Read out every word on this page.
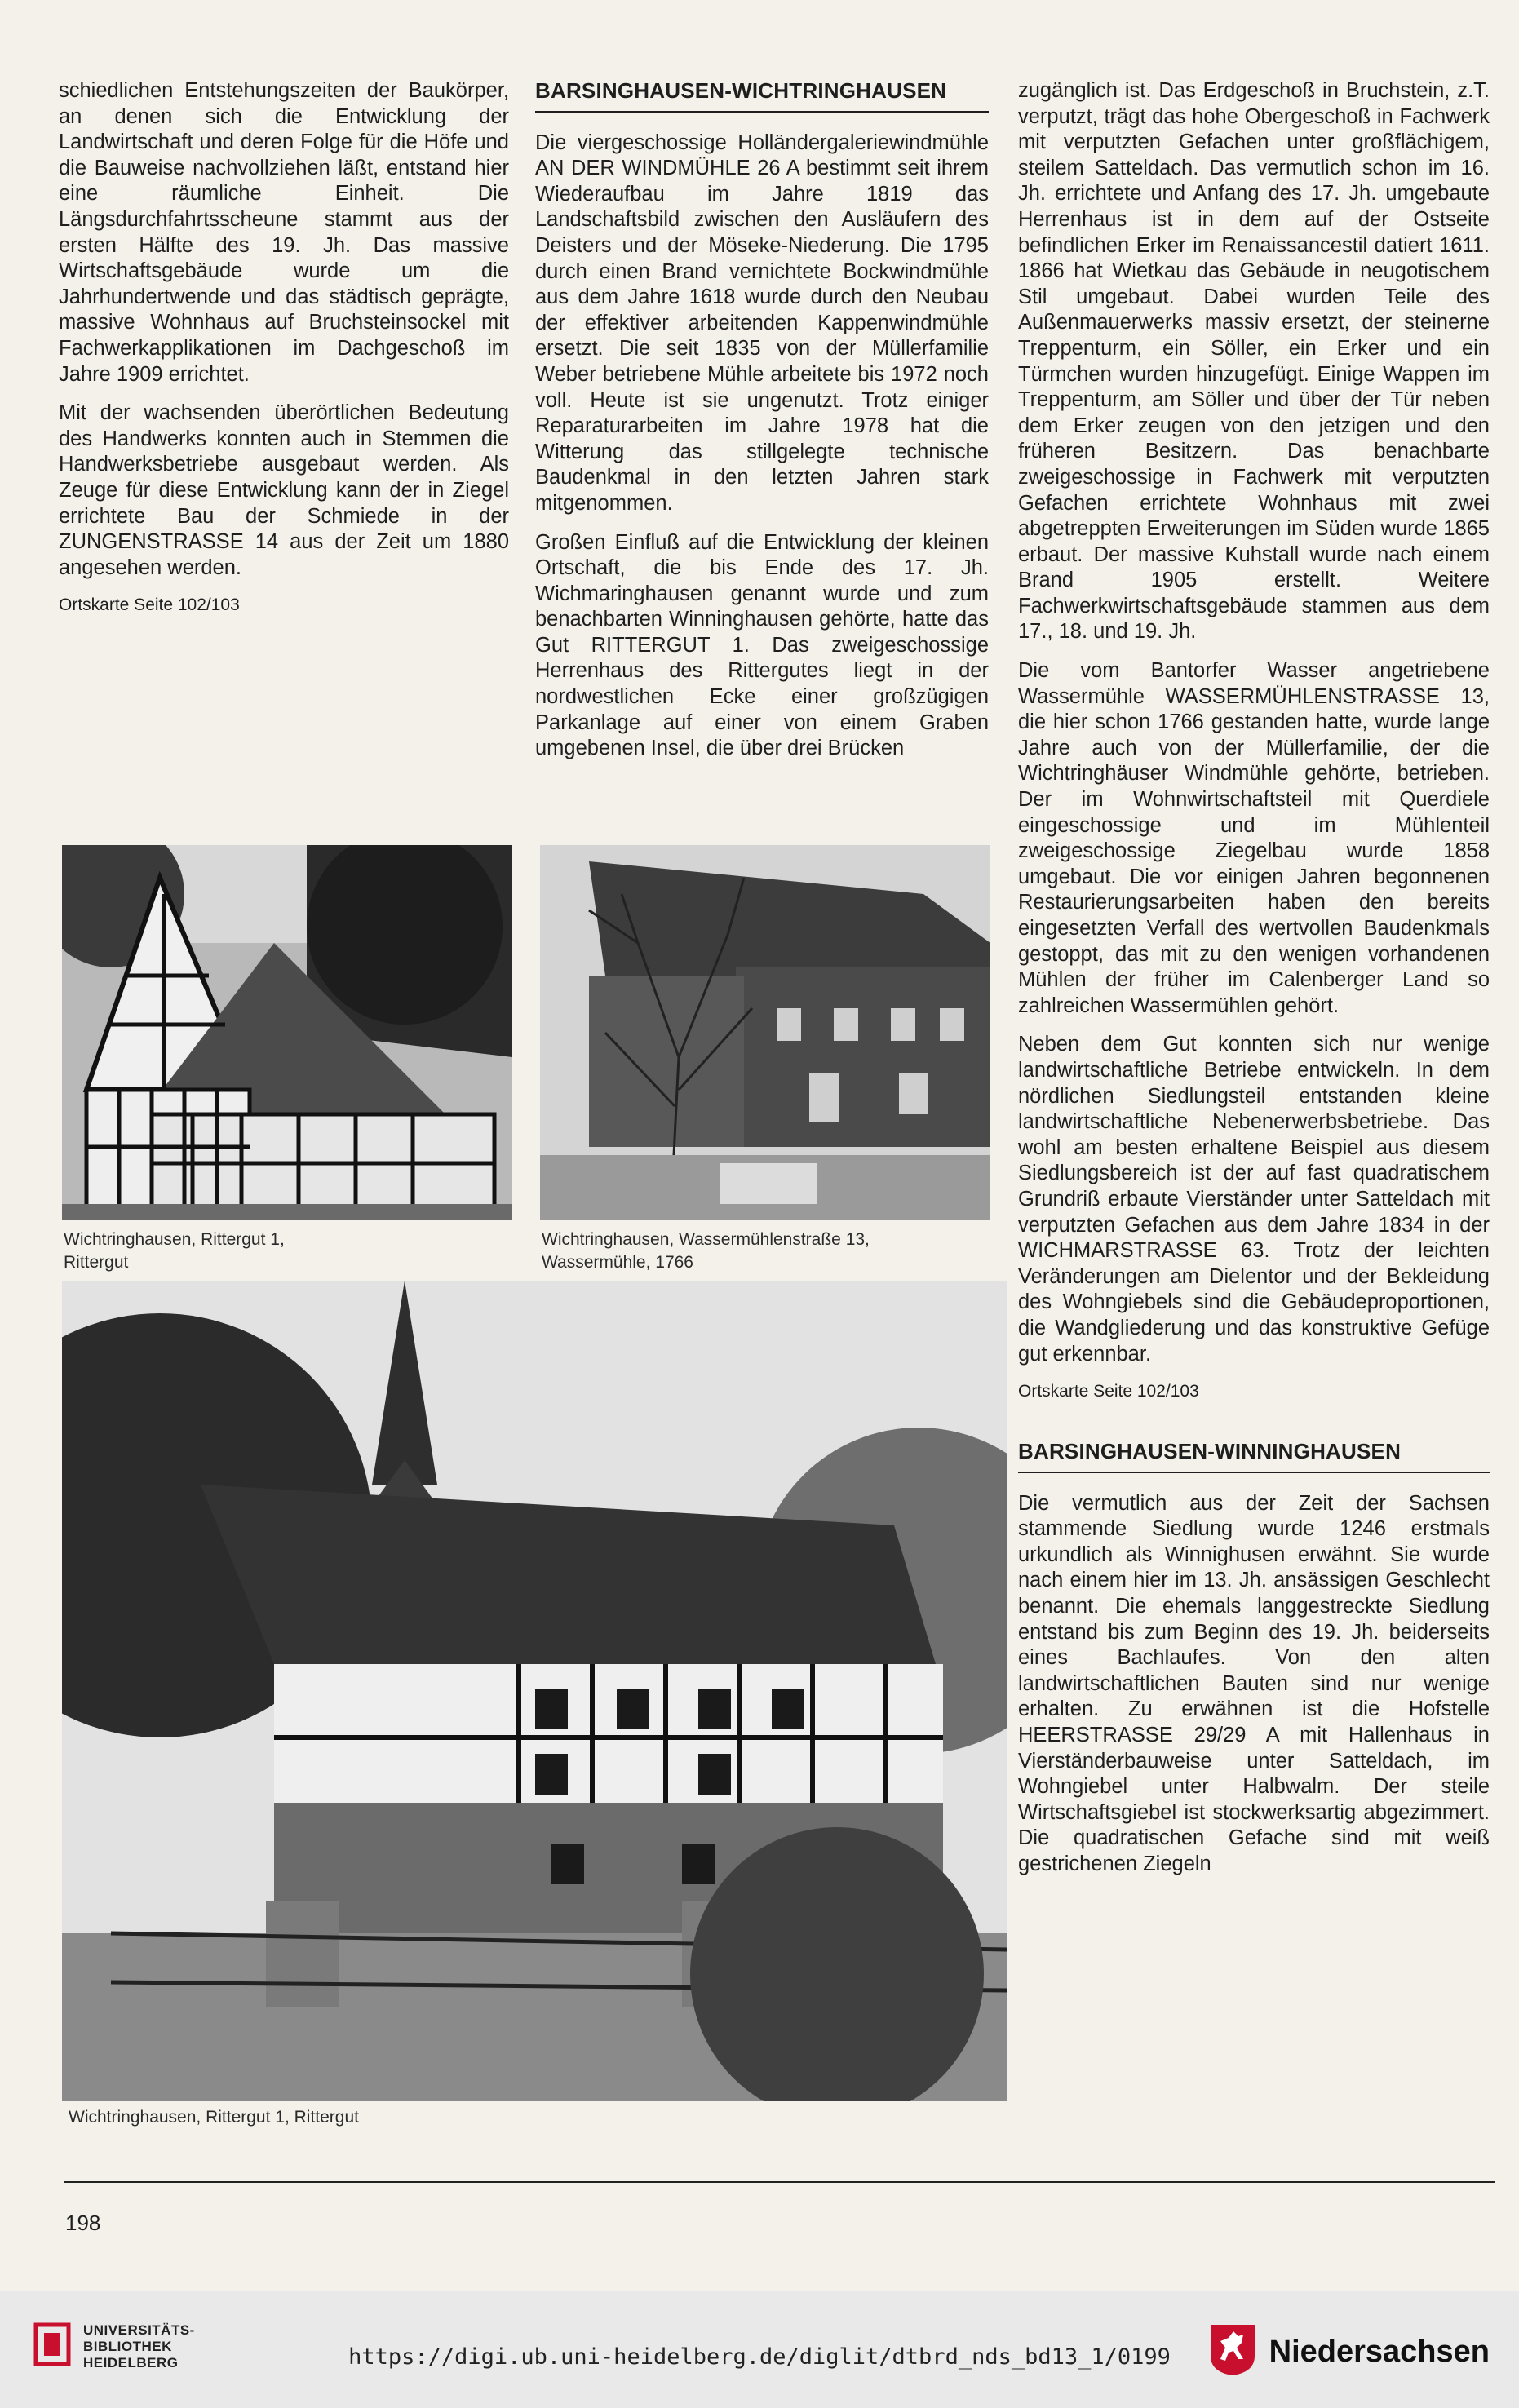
schiedlichen Entstehungszeiten der Baukörper, an denen sich die Entwicklung der Landwirtschaft und deren Folge für die Höfe und die Bauweise nachvollziehen läßt, entstand hier eine räumliche Einheit. Die Längsdurchfahrtsscheune stammt aus der ersten Hälfte des 19. Jh. Das massive Wirtschaftsgebäude wurde um die Jahrhundertwende und das städtisch geprägte, massive Wohnhaus auf Bruchsteinsockel mit Fachwerkapplikationen im Dachgeschoß im Jahre 1909 errichtet.

Mit der wachsenden überörtlichen Bedeutung des Handwerks konnten auch in Stemmen die Handwerksbetriebe ausgebaut werden. Als Zeuge für diese Entwicklung kann der in Ziegel errichtete Bau der Schmiede in der ZUNGENSTRASSE 14 aus der Zeit um 1880 angesehen werden.

Ortskarte Seite 102/103

BARSINGHAUSEN-WICHTRINGHAUSEN

Die viergeschossige Holländergaleriewindmühle AN DER WINDMÜHLE 26 A bestimmt seit ihrem Wiederaufbau im Jahre 1819 das Landschaftsbild zwischen den Ausläufern des Deisters und der Möseke-Niederung. Die 1795 durch einen Brand vernichtete Bockwindmühle aus dem Jahre 1618 wurde durch den Neubau der effektiver arbeitenden Kappenwindmühle ersetzt. Die seit 1835 von der Müllerfamilie Weber betriebene Mühle arbeitete bis 1972 noch voll. Heute ist sie ungenutzt. Trotz einiger Reparaturarbeiten im Jahre 1978 hat die Witterung das stillgelegte technische Baudenkmal in den letzten Jahren stark mitgenommen.

Großen Einfluß auf die Entwicklung der kleinen Ortschaft, die bis Ende des 17. Jh. Wichmaringhausen genannt wurde und zum benachbarten Winninghausen gehörte, hatte das Gut RITTERGUT 1. Das zweigeschossige Herrenhaus des Rittergutes liegt in der nordwestlichen Ecke einer großzügigen Parkanlage auf einer von einem Graben umgebenen Insel, die über drei Brücken

zugänglich ist. Das Erdgeschoß in Bruchstein, z.T. verputzt, trägt das hohe Obergeschoß in Fachwerk mit verputzten Gefachen unter großflächigem, steilem Satteldach. Das vermutlich schon im 16. Jh. errichtete und Anfang des 17. Jh. umgebaute Herrenhaus ist in dem auf der Ostseite befindlichen Erker im Renaissancestil datiert 1611. 1866 hat Wietkau das Gebäude in neugotischem Stil umgebaut. Dabei wurden Teile des Außenmauerwerks massiv ersetzt, der steinerne Treppenturm, ein Söller, ein Erker und ein Türmchen wurden hinzugefügt. Einige Wappen im Treppenturm, am Söller und über der Tür neben dem Erker zeugen von den jetzigen und den früheren Besitzern. Das benachbarte zweigeschossige in Fachwerk mit verputzten Gefachen errichtete Wohnhaus mit zwei abgetreppten Erweiterungen im Süden wurde 1865 erbaut. Der massive Kuhstall wurde nach einem Brand 1905 erstellt. Weitere Fachwerkwirtschaftsgebäude stammen aus dem 17., 18. und 19. Jh.

Die vom Bantorfer Wasser angetriebene Wassermühle WASSERMÜHLENSTRASSE 13, die hier schon 1766 gestanden hatte, wurde lange Jahre auch von der Müllerfamilie, der die Wichtringhäuser Windmühle gehörte, betrieben. Der im Wohnwirtschaftsteil mit Querdiele eingeschossige und im Mühlenteil zweigeschossige Ziegelbau wurde 1858 umgebaut. Die vor einigen Jahren begonnenen Restaurierungsarbeiten haben den bereits eingesetzten Verfall des wertvollen Baudenkmals gestoppt, das mit zu den wenigen vorhandenen Mühlen der früher im Calenberger Land so zahlreichen Wassermühlen gehört.

Neben dem Gut konnten sich nur wenige landwirtschaftliche Betriebe entwickeln. In dem nördlichen Siedlungsteil entstanden kleine landwirtschaftliche Nebenerwerbsbetriebe. Das wohl am besten erhaltene Beispiel aus diesem Siedlungsbereich ist der auf fast quadratischem Grundriß erbaute Vierständer unter Satteldach mit verputzten Gefachen aus dem Jahre 1834 in der WICHMARSTRASSE 63. Trotz der leichten Veränderungen am Dielentor und der Bekleidung des Wohngiebels sind die Gebäudeproportionen, die Wandgliederung und das konstruktive Gefüge gut erkennbar.

Ortskarte Seite 102/103

BARSINGHAUSEN-WINNINGHAUSEN

Die vermutlich aus der Zeit der Sachsen stammende Siedlung wurde 1246 erstmals urkundlich als Winnighusen erwähnt. Sie wurde nach einem hier im 13. Jh. ansässigen Geschlecht benannt. Die ehemals langgestreckte Siedlung entstand bis zum Beginn des 19. Jh. beiderseits eines Bachlaufes. Von den alten landwirtschaftlichen Bauten sind nur wenige erhalten. Zu erwähnen ist die Hofstelle HEERSTRASSE 29/29 A mit Hallenhaus in Vierständerbauweise unter Satteldach, im Wohngiebel unter Halbwalm. Der steile Wirtschaftsgiebel ist stockwerksartig abgezimmert. Die quadratischen Gefache sind mit weiß gestrichenen Ziegeln

Wichtringhausen, Rittergut 1,
Rittergut
Wichtringhausen, Wassermühlenstraße 13,
Wassermühle, 1766
Wichtringhausen, Rittergut 1, Rittergut
198
UNIVERSITÄTS-
BIBLIOTHEK
HEIDELBERG	https://digi.ub.uni-heidelberg.de/diglit/dtbrd_nds_bd13_1/0199	Niedersachsen
